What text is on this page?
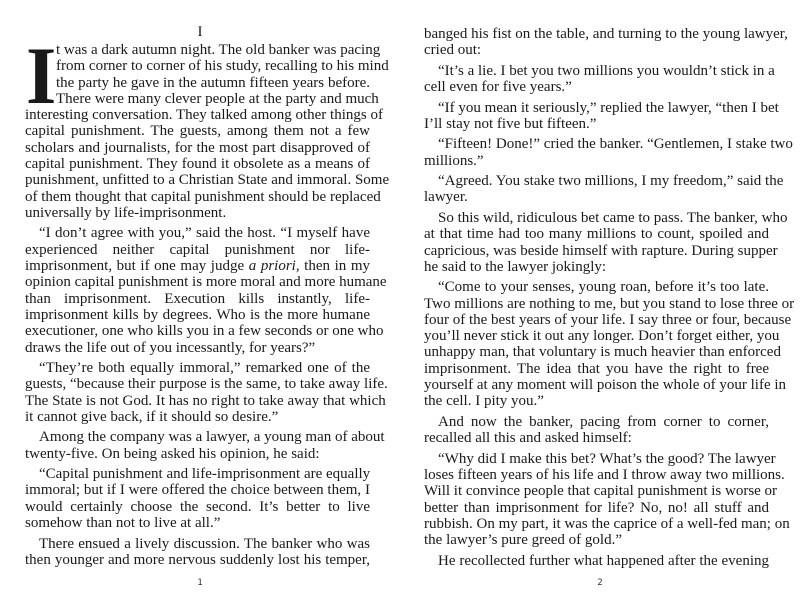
I
I t was a dark autumn night. The old banker was pacing
from corner to corner of his study, recalling to his mind
the party he gave in the autumn fifteen years before.
There were many clever people at the party and much
interesting conversation. They talked among other things of
capital punishment. The guests, among them not a few
scholars and journalists, for the most part disapproved of
capital punishment. They found it obsolete as a means of
punishment, unfitted to a Christian State and immoral. Some
of them thought that capital punishment should be replaced
universally by life-imprisonment.
“I don’t agree with you,” said the host. “I myself have
experienced neither capital punishment nor life-
imprisonment, but if one may judge a priori, then in my
opinion capital punishment is more moral and more humane
than imprisonment. Execution kills instantly, life-
imprisonment kills by degrees. Who is the more humane
executioner, one who kills you in a few seconds or one who
draws the life out of you incessantly, for years?”
“They’re both equally immoral,” remarked one of the
guests, “because their purpose is the same, to take away life.
The State is not God. It has no right to take away that which
it cannot give back, if it should so desire.”
Among the company was a lawyer, a young man of about
twenty-five. On being asked his opinion, he said:
“Capital punishment and life-imprisonment are equally
immoral; but if I were offered the choice between them, I
would certainly choose the second. It’s better to live
somehow than not to live at all.”
There ensued a lively discussion. The banker who was
then younger and more nervous suddenly lost his temper,
1
banged his fist on the table, and turning to the young lawyer,
cried out:
“It’s a lie. I bet you two millions you wouldn’t stick in a
cell even for five years.”
“If you mean it seriously,” replied the lawyer, “then I bet
I’ll stay not five but fifteen.”
“Fifteen! Done!” cried the banker. “Gentlemen, I stake two
millions.”
“Agreed. You stake two millions, I my freedom,” said the
lawyer.
So this wild, ridiculous bet came to pass. The banker, who
at that time had too many millions to count, spoiled and
capricious, was beside himself with rapture. During supper
he said to the lawyer jokingly:
“Come to your senses, young roan, before it’s too late.
Two millions are nothing to me, but you stand to lose three or
four of the best years of your life. I say three or four, because
you’ll never stick it out any longer. Don’t forget either, you
unhappy man, that voluntary is much heavier than enforced
imprisonment. The idea that you have the right to free
yourself at any moment will poison the whole of your life in
the cell. I pity you.”
And now the banker, pacing from corner to corner,
recalled all this and asked himself:
“Why did I make this bet? What’s the good? The lawyer
loses fifteen years of his life and I throw away two millions.
Will it convince people that capital punishment is worse or
better than imprisonment for life? No, no! all stuff and
rubbish. On my part, it was the caprice of a well-fed man; on
the lawyer’s pure greed of gold.”
He recollected further what happened after the evening
2
